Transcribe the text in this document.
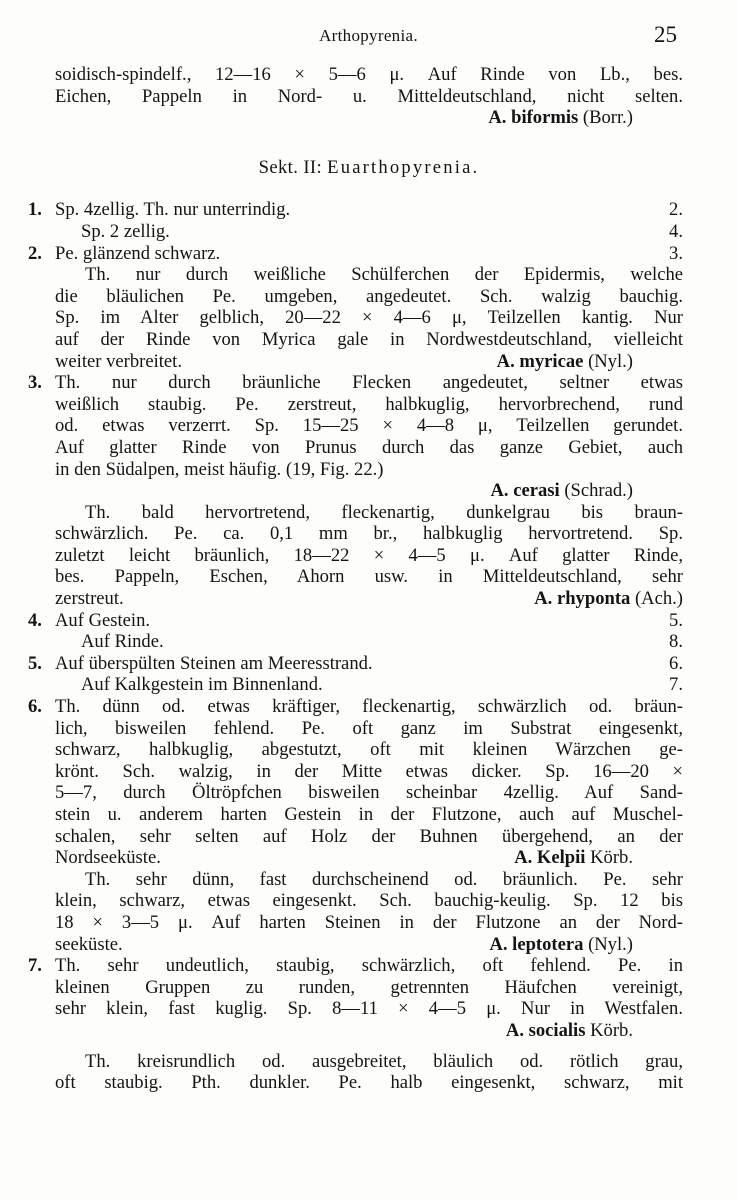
Arthopyrenia.	25
soidisch-spindelf., 12—16 × 5—6 μ. Auf Rinde von Lb., bes.
Eichen, Pappeln in Nord- u. Mitteldeutschland, nicht selten.
A. biformis (Borr.)
Sekt. II: Euarthopyrenia.
1. Sp. 4zellig. Th. nur unterrindig.	2.
Sp. 2 zellig.	4.
2. Pe. glänzend schwarz.	3.
Th. nur durch weißliche Schülferchen der Epidermis, welche
die bläulichen Pe. umgeben, angedeutet. Sch. walzig bauchig.
Sp. im Alter gelblich, 20—22 × 4—6 μ, Teilzellen kantig. Nur
auf der Rinde von Myrica gale in Nordwestdeutschland, vielleicht
weiter verbreitet.	A. myricae (Nyl.)
3. Th. nur durch bräunliche Flecken angedeutet, seltner etwas
weißlich staubig. Pe. zerstreut, halbkuglig, hervorbrechend, rund
od. etwas verzerrt. Sp. 15—25 × 4—8 μ, Teilzellen gerundet.
Auf glatter Rinde von Prunus durch das ganze Gebiet, auch
in den Südalpen, meist häufig. (19, Fig. 22.)
A. cerasi (Schrad.)
Th. bald hervortretend, fleckenartig, dunkelgrau bis braun-
schwärzlich. Pe. ca. 0,1 mm br., halbkuglig hervortretend. Sp.
zuletzt leicht bräunlich, 18—22 × 4—5 μ. Auf glatter Rinde,
bes. Pappeln, Eschen, Ahorn usw. in Mitteldeutschland, sehr
zerstreut.	A. rhyponta (Ach.)
4. Auf Gestein.	5.
Auf Rinde.	8.
5. Auf überspülten Steinen am Meeresstrand.	6.
Auf Kalkgestein im Binnenland.	7.
6. Th. dünn od. etwas kräftiger, fleckenartig, schwärzlich od. bräun-
lich, bisweilen fehlend. Pe. oft ganz im Substrat eingesenkt,
schwarz, halbkuglig, abgestutzt, oft mit kleinen Wärzchen ge-
krönt. Sch. walzig, in der Mitte etwas dicker. Sp. 16—20 ×
5—7, durch Öltröpfchen bisweilen scheinbar 4zellig. Auf Sand-
stein u. anderem harten Gestein in der Flutzone, auch auf Muschel-
schalen, sehr selten auf Holz der Buhnen übergehend, an der
Nordseeküste.	A. Kelpii Körb.
Th. sehr dünn, fast durchscheinend od. bräunlich. Pe. sehr
klein, schwarz, etwas eingesenkt. Sch. bauchig-keulig. Sp. 12 bis
18 × 3—5 μ. Auf harten Steinen in der Flutzone an der Nord-
seeküste.	A. leptotera (Nyl.)
7. Th. sehr undeutlich, staubig, schwärzlich, oft fehlend. Pe. in
kleinen Gruppen zu runden, getrennten Häufchen vereinigt,
sehr klein, fast kuglig. Sp. 8—11 × 4—5 μ. Nur in Westfalen.
A. socialis Körb.
Th. kreisrundlich od. ausgebreitet, bläulich od. rötlich grau,
oft staubig. Pth. dunkler. Pe. halb eingesenkt, schwarz, mit
